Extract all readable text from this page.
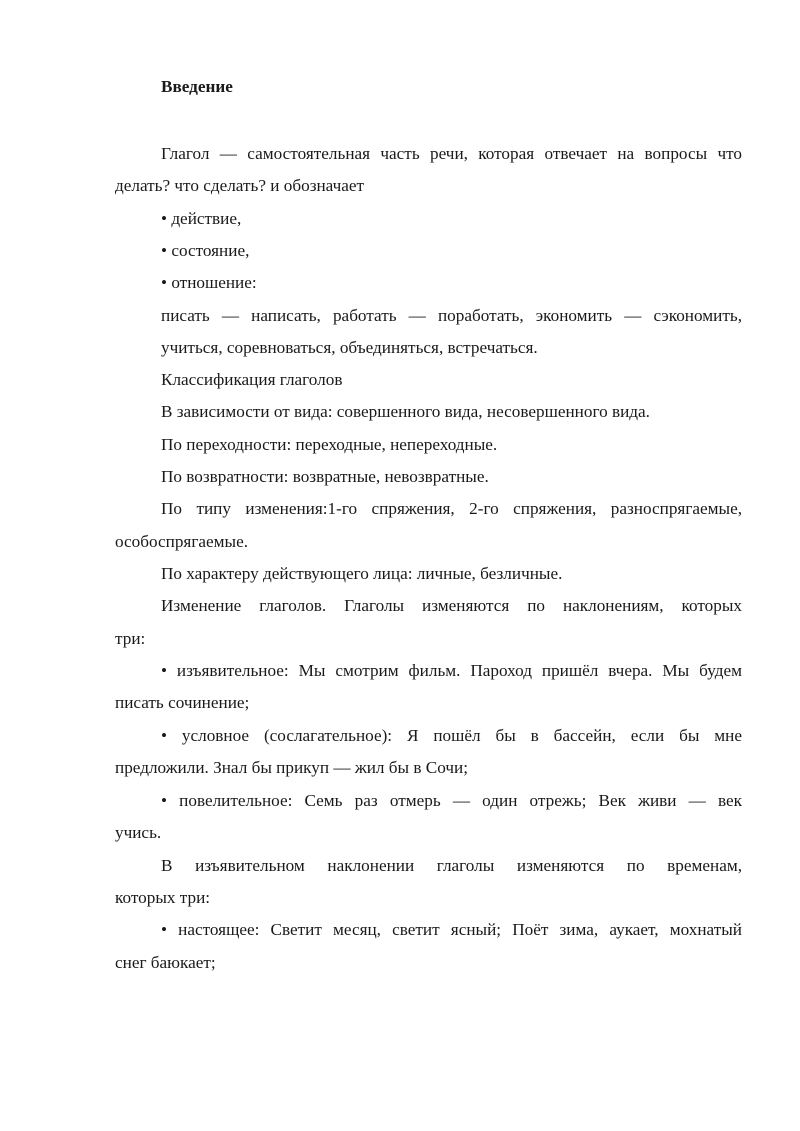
Введение
Глагол — самостоятельная часть речи, которая отвечает на вопросы что
делать? что сделать? и обозначает
• действие,
• состояние,
• отношение:
писать — написать, работать — поработать, экономить — сэкономить,
учиться, соревноваться, объединяться, встречаться.
Классификация глаголов
В зависимости от вида: совершенного вида, несовершенного вида.
По переходности: переходные, непереходные.
По возвратности: возвратные, невозвратные.
По типу изменения:1-го спряжения, 2-го спряжения, разноспрягаемые,
особоспрягаемые.
По характеру действующего лица: личные, безличные.
Изменение глаголов. Глаголы изменяются по наклонениям, которых
три:
• изъявительное: Мы смотрим фильм. Пароход пришёл вчера. Мы будем
писать сочинение;
• условное (сослагательное): Я пошёл бы в бассейн, если бы мне
предложили. Знал бы прикуп — жил бы в Сочи;
• повелительное: Семь раз отмерь — один отрежь; Век живи — век
учись.
В изъявительном наклонении глаголы изменяются по временам,
которых три:
• настоящее: Светит месяц, светит ясный; Поёт зима, аукает, мохнатый
снег баюкает;
